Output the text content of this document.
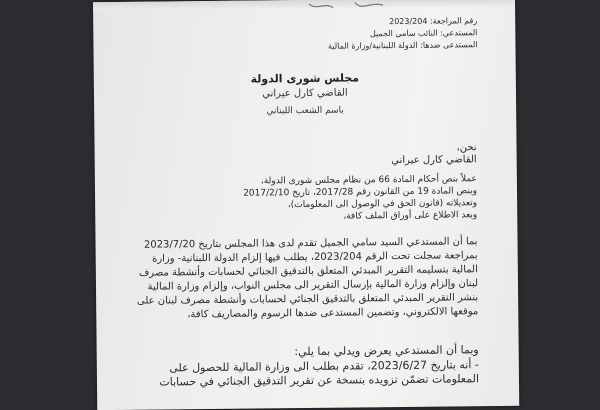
رقم المراجعة: 2023/204
المستدعي: النائب سامي الجميل
المستدعى ضدها: الدولة اللبنانية/وزارة المالية
مجلس شورى الدولة
القاضي كارل عيراني
باسم الشعب اللبناني
نحن،
القاضي كارل عيراني
عملاً بنص أحكام المادة 66 من نظام مجلس شورى الدولة،
وبنص المادة 19 من القانون رقم 2017/28، تاريخ 2017/2/10
وتعديلاته (قانون الحق في الوصول الى المعلومات)،
وبعد الاطلاع على أوراق الملف كافة،
بما أن المستدعي السيد سامي الجميل تقدم لدى هذا المجلس بتاريخ 2023/7/20
بمراجعة سجلت تحت الرقم 2023/204، يطلب فيها إلزام الدولة اللبنانية- وزارة
المالية بتسليمه التقرير المبدئي المتعلق بالتدقيق الجنائي لحسابات وأنشطة مصرف
لبنان وإلزام وزارة المالية بإرسال التقرير الى مجلس النواب، وإلزام وزارة المالية
بنشر التقرير المبدئي المتعلق بالتدقيق الجنائي لحسابات وأنشطة مصرف لبنان على
موقعها الالكتروني، وتضمين المستدعى ضدها الرسوم والمصاريف كافة،
وبما أن المستدعي يعرض ويدلي بما يلي:
- أنه بتاريخ 2023/6/27، تقدم بطلب الى وزارة المالية للحصول على
المعلومات تضمّن تزويده بنسخة عن تقرير التدقيق الجنائي في حسابات
